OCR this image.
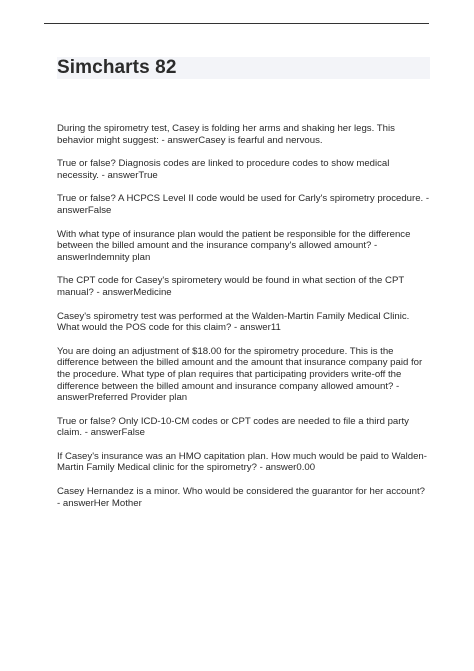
Simcharts 82

During the spirometry test, Casey is folding her arms and shaking her legs. This
behavior might suggest: - answerCasey is fearful and nervous.

True or false? Diagnosis codes are linked to procedure codes to show medical
necessity. - answerTrue

True or false? A HCPCS Level II code would be used for Carly's spirometry procedure. -
answerFalse

With what type of insurance plan would the patient be responsible for the difference
between the billed amount and the insurance company's allowed amount? -
answerIndemnity plan

The CPT code for Casey's spirometery would be found in what section of the CPT
manual? - answerMedicine

Casey's spirometry test was performed at the Walden-Martin Family Medical Clinic.
What would the POS code for this claim? - answer11

You are doing an adjustment of $18.00 for the spirometry procedure. This is the
difference between the billed amount and the amount that insurance company paid for
the procedure. What type of plan requires that participating providers write-off the
difference between the billed amount and insurance company allowed amount? -
answerPreferred Provider plan

True or false? Only ICD-10-CM codes or CPT codes are needed to file a third party
claim. - answerFalse

If Casey's insurance was an HMO capitation plan. How much would be paid to Walden-
Martin Family Medical clinic for the spirometry? - answer0.00

Casey Hernandez is a minor. Who would be considered the guarantor for her account?
- answerHer Mother
